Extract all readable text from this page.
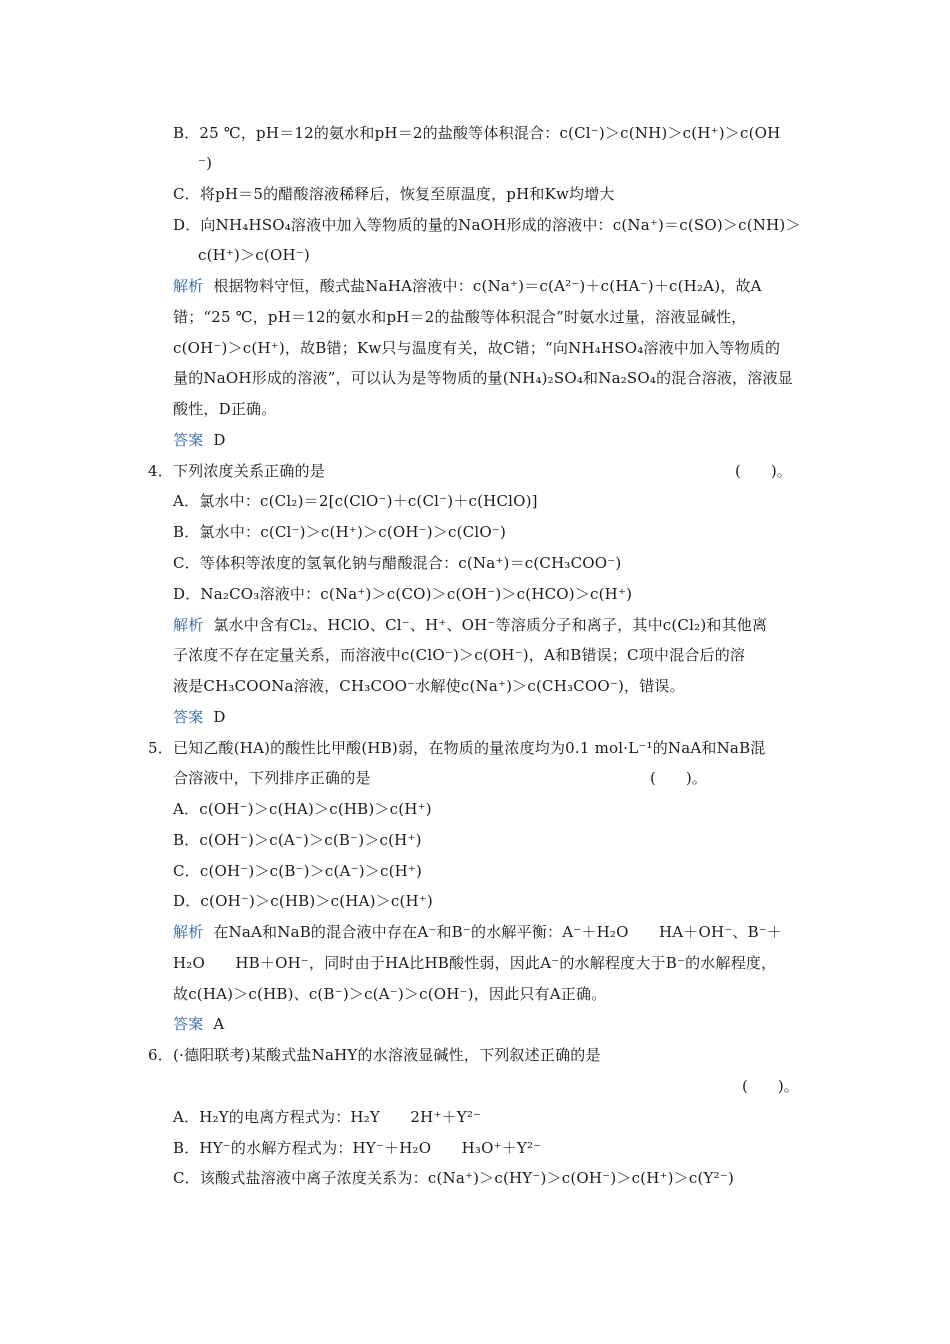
B．25 ℃，pH＝12的氨水和pH＝2的盐酸等体积混合：c(Cl⁻)＞c(NH)＞c(H⁺)＞c(OH
⁻)
C．将pH＝5的醋酸溶液稀释后，恢复至原温度，pH和Kw均增大
D．向NH₄HSO₄溶液中加入等物质的量的NaOH形成的溶液中：c(Na⁺)＝c(SO)＞c(NH)＞
c(H⁺)＞c(OH⁻)
解析 根据物料守恒，酸式盐NaHA溶液中：c(Na⁺)＝c(A²⁻)＋c(HA⁻)＋c(H₂A)，故A
错；“25 ℃，pH＝12的氨水和pH＝2的盐酸等体积混合”时氨水过量，溶液显碱性，
c(OH⁻)＞c(H⁺)，故B错；Kw只与温度有关，故C错；“向NH₄HSO₄溶液中加入等物质的
量的NaOH形成的溶液”，可以认为是等物质的量(NH₄)₂SO₄和Na₂SO₄的混合溶液，溶液显
酸性，D正确。
答案 D
4．下列浓度关系正确的是	(　　)。
A．氯水中：c(Cl₂)＝2[c(ClO⁻)＋c(Cl⁻)＋c(HClO)]
B．氯水中：c(Cl⁻)＞c(H⁺)＞c(OH⁻)＞c(ClO⁻)
C．等体积等浓度的氢氧化钠与醋酸混合：c(Na⁺)＝c(CH₃COO⁻)
D．Na₂CO₃溶液中：c(Na⁺)＞c(CO)＞c(OH⁻)＞c(HCO)＞c(H⁺)
解析 氯水中含有Cl₂、HClO、Cl⁻、H⁺、OH⁻等溶质分子和离子，其中c(Cl₂)和其他离
子浓度不存在定量关系，而溶液中c(ClO⁻)＞c(OH⁻)，A和B错误；C项中混合后的溶
液是CH₃COONa溶液，CH₃COO⁻水解使c(Na⁺)＞c(CH₃COO⁻)，错误。
答案 D
5．已知乙酸(HA)的酸性比甲酸(HB)弱，在物质的量浓度均为0.1 mol·L⁻¹的NaA和NaB混
合溶液中，下列排序正确的是	(　　)。
A．c(OH⁻)＞c(HA)＞c(HB)＞c(H⁺)
B．c(OH⁻)＞c(A⁻)＞c(B⁻)＞c(H⁺)
C．c(OH⁻)＞c(B⁻)＞c(A⁻)＞c(H⁺)
D．c(OH⁻)＞c(HB)＞c(HA)＞c(H⁺)
解析 在NaA和NaB的混合液中存在A⁻和B⁻的水解平衡：A⁻＋H₂O　　HA＋OH⁻、B⁻＋
H₂O　　HB＋OH⁻，同时由于HA比HB酸性弱，因此A⁻的水解程度大于B⁻的水解程度，
故c(HA)＞c(HB)、c(B⁻)＞c(A⁻)＞c(OH⁻)，因此只有A正确。
答案 A
6．(·德阳联考)某酸式盐NaHY的水溶液显碱性，下列叙述正确的是
(　　)。
A．H₂Y的电离方程式为：H₂Y　　2H⁺＋Y²⁻
B．HY⁻的水解方程式为：HY⁻＋H₂O　　H₃O⁺＋Y²⁻
C．该酸式盐溶液中离子浓度关系为：c(Na⁺)＞c(HY⁻)＞c(OH⁻)＞c(H⁺)＞c(Y²⁻)
